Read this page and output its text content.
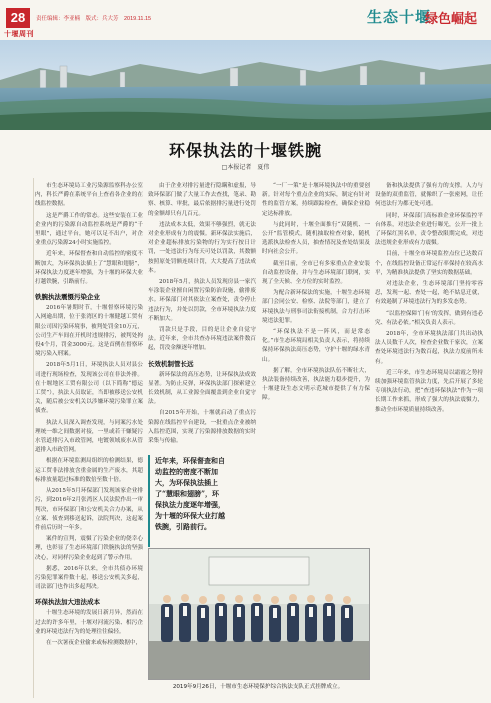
28
十堰周刊
责任编辑：李亚楠　版式：兵大芳　2019.11.15	生态十堰
绿色崛起
环保执法的十堰铁腕
□本报记者　夏伟

市生态环境局工业污染源监察科办公室内，科长严爵在系统平台上查看各企业的在线监控数据。

这是严爵工作的常态。这些安装在工业企业内的污染源自动监控系统是严爵的“千里眼”，通过平台，她可以足不出户，对企业重点污染源24小时实施监控。

近年来，环保督查和自动监控的密度不断加大，为环保执法插上了“慧眼和翅膀”，环保执法力度逐年增强，为十堰的环保大业打越铁腕，引路前行。

铁腕执法震慑污染企业

2016年暑期时节，十堰督察环境污染入网逾出期，位于张湾区的十堰健越工贸有限公司因污染环境事，被判处罚金10万元，公司生产车间在开机时违规排污，被判处拘役4个月，罚金3000元。这是首例在督察环境污染入刑案。

2018年5月1日，环境执法人员对县公司进行现场检查，发现该公司在非法外排。在十堰地区工贸有限公司（以下简称“德运工贸”），执法人员取证，当即被移送公安机关，随后被公安机关以涉嫌环境污染罪立案侦查。

执法人员深入调查发现，与同案污水处理统一维之间数据对接，一里或若干嫌疑污水管道排污入市政管网，电镀领域废水从管道排入市政管网。

根据在环境监测局组织的检测结果，德运工贸非法排放含重金属的生产废水，其超标排放量超过标准的数倍至数十倍。

从2015年5月环保部门发现该家企业排污，到2016年2月张湾区人民法院作出一审判决，市环保部门和公安机关合力办案，从立案、侦查到移送起诉，法院判决，这起案件前后历时一年多。

案件的宣判，震慑了污染企业的侥幸心理，也彰显了生态环境部门铁腕执法的坚强决心，对同样污染企业起到了警示作用。

据悉，2016年以来，全市共侦办环境污染犯罪案件数十起，移送公安机关多起，司法部门也作出多起判决。

环保执法加大违法成本

十堰生态环境的发展日新月异，然而在过去的许多年里，十堰对河流污染、相污企业的环境违法行为的处理往往偏轻。

在一次暑夜企业偷来或标检测数据中，

由于企业对排污量进行隐瞒和虚报，导致环保部门做了大量工作去查找，笔录、勘察、核算、审批，最后依据排污量进行处罚的金额却只有几百元。

违法成本太低，效果不够强烈，就无法对企业形成有力的震慑。新环保法实施后，对企业超标排放污染物的行为实行按日计罚，一处违法行为每天可处以罚款，其数额按照原处罚额连续计罚，大大提高了违法成本。

2018年5月，执法人员发现房县一家汽车涂装企业擅自闲置污染防治设施，偷排废水。环保部门对其依法立案查处，责令停止违法行为，并处以罚款，全市环境执法力度不断加大。

罚款只是手段，目的是让企业自觉守法。近年来，全市共查办环境违法案件数百起，罚没金额逐年增加。

长效机制管长远

新环保法的高压态势，让环保执法成效显著。为防止反弹，环保执法部门探索建立长效机制，从工业源全面覆盖到企业自觉守法。

自2015年开始，十堰就启动了重点污染源在线监控平台建设，一批重点企业被纳入监控范围，实现了污染源排放数据的实时采集与传输。

近年来，环保督查和自动监控的密度不断加大，为环保执法插上了“慧眼和翅膀”，环保执法力度逐年增强，为十堰的环保大业打越铁腕，引路前行。

“一厂一策”是十堰环境执法中的重要创新。针对每个重点企业的实际，制定有针对性的监管方案，持续跟踪检查，确保企业稳定达标排放。

与此同时，十堰全面推行“双随机、一公开”监管模式，随机抽取检查对象，随机选派执法检查人员，抽查情况及查处结果及时向社会公开。

截至目前，全市已有多家重点企业安装自动监控设备，并与生态环境部门联网，实现了全天候、全方位的实时监控。

为配合新环保法的实施，十堰生态环境部门会同公安、检察、法院等部门，建立了环境执法与刑事司法衔接机制，合力打击环境违法犯罪。

“环保执法不是一阵风，而是常态化。”市生态环境局相关负责人表示，将持续保持环保执法高压态势，守护十堰的绿水青山。

据了解，全市环境执法队伍不断壮大，执法装备持续改善，执法能力稳步提升，为十堰建设生态文明示范城市提供了有力保障。

备和执法提供了强有力的支撑。人力与设备的双重监管，就像织了一张密网，让任何违法行为都无处可逃。

同时，环保部门高标准企业环保监控平台体系，对违法企业进行曝光，公开一批上了环保红黑名单，责令整改限期完成，对违法违规企业形成有力震慑。

目前，十堰全市环境监控点位已达数百个，在线监控设备正常运行率保持在较高水平，为精准执法提供了坚实的数据基础。

对违法企业，生态环境部门坚持零容忍，发现一起、查处一起，绝不姑息迁就，有效遏制了环境违法行为的多发态势。

“以监控保障‘门有’的发挥，做到有违必究、有法必依。”相关负责人表示。

2018年，全市环境执法部门共出动执法人员数千人次，检查企业数千家次，立案查处环境违法行为数百起，执法力度前所未有。

近三年来，市生态环境局以霜霞之势持续加强环境监管执法力度，先后开展了多轮专项执法行动，把“查违环保执法”作为一项长期工作来抓，形成了强大的执法震慑力，推动全市环境质量持续改善。

2019年9月26日，十堰市生态环境保护综合执法支队正式挂牌成立。
